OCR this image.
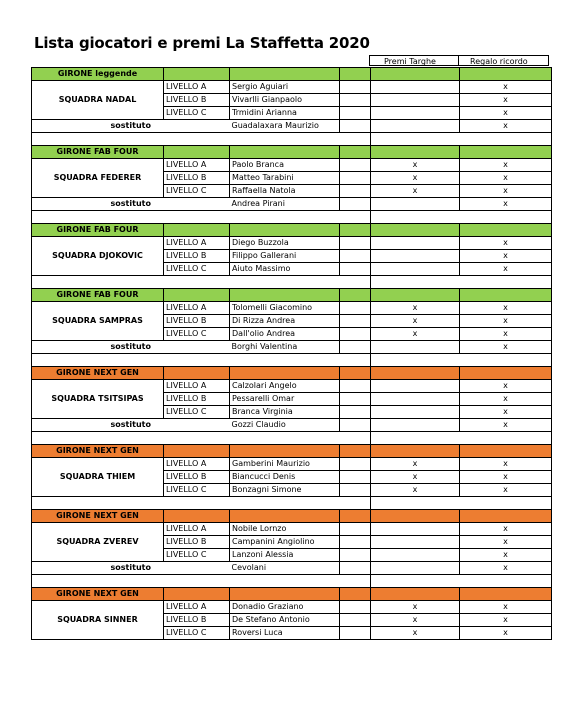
Lista giocatori e premi La Staffetta 2020
Premi Targhe	Regalo ricordo
GIRONE leggende					
SQUADRA NADAL	LIVELLO A	Sergio Aguiari			x
	LIVELLO B	Vivarlli Gianpaolo			x
	LIVELLO C	Trmidini Arianna			x
sostituto		Guadalaxara Maurizio			x

GIRONE FAB FOUR					
SQUADRA FEDERER	LIVELLO A	Paolo Branca		x	x
	LIVELLO B	Matteo Tarabini		x	x
	LIVELLO C	Raffaella Natola		x	x
sostituto		Andrea Pirani			x

GIRONE FAB FOUR					
SQUADRA DJOKOVIC	LIVELLO A	Diego Buzzola			x
	LIVELLO B	Filippo Gallerani			x
	LIVELLO C	Aiuto Massimo			x

GIRONE FAB FOUR					
SQUADRA SAMPRAS	LIVELLO A	Tolomelli Giacomino		x	x
	LIVELLO B	Di Rizza Andrea		x	x
	LIVELLO C	Dall'olio Andrea		x	x
sostituto		Borghi Valentina			x

GIRONE NEXT GEN					
SQUADRA TSITSIPAS	LIVELLO A	Calzolari Angelo			x
	LIVELLO B	Pessarelli Omar			x
	LIVELLO C	Branca Virginia			x
sostituto		Gozzi Claudio			x

GIRONE NEXT GEN					
SQUADRA THIEM	LIVELLO A	Gamberini Maurizio		x	x
	LIVELLO B	Biancucci Denis		x	x
	LIVELLO C	Bonzagni Simone		x	x

GIRONE NEXT GEN					
SQUADRA ZVEREV	LIVELLO A	Nobile Lornzo			x
	LIVELLO B	Campanini Angiolino			x
	LIVELLO C	Lanzoni Alessia			x
sostituto		Cevolani			x

GIRONE NEXT GEN					
SQUADRA SINNER	LIVELLO A	Donadio Graziano		x	x
	LIVELLO B	De Stefano Antonio		x	x
	LIVELLO C	Roversi Luca		x	x
